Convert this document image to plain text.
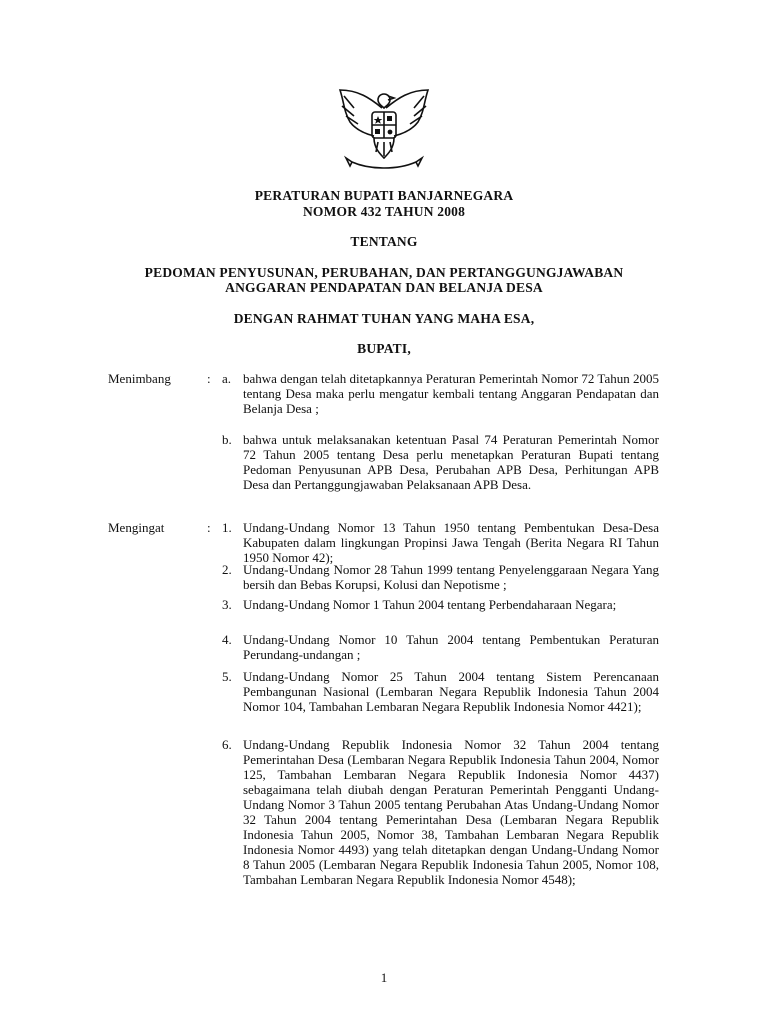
PERATURAN BUPATI BANJARNEGARA
NOMOR 432 TAHUN 2008
TENTANG
PEDOMAN PENYUSUNAN, PERUBAHAN, DAN PERTANGGUNGJAWABAN
ANGGARAN PENDAPATAN DAN BELANJA DESA
DENGAN RAHMAT TUHAN YANG MAHA ESA,
BUPATI,
Menimbang	: a. bahwa dengan telah ditetapkannya Peraturan Pemerintah Nomor 72 Tahun 2005 tentang Desa maka perlu mengatur kembali tentang Anggaran Pendapatan dan Belanja Desa ;
b. bahwa untuk melaksanakan ketentuan Pasal 74 Peraturan Pemerintah Nomor 72 Tahun 2005 tentang Desa perlu menetapkan Peraturan Bupati tentang Pedoman Penyusunan APB Desa, Perubahan APB Desa, Perhitungan APB Desa dan Pertanggungjawaban Pelaksanaan APB Desa.
Mengingat	: 1. Undang-Undang Nomor 13 Tahun 1950 tentang Pembentukan Desa-Desa Kabupaten dalam lingkungan Propinsi Jawa Tengah (Berita Negara RI Tahun 1950 Nomor 42);
2. Undang-Undang Nomor 28 Tahun 1999 tentang Penyelenggaraan Negara Yang bersih dan Bebas Korupsi, Kolusi dan Nepotisme ;
3. Undang-Undang Nomor 1 Tahun 2004 tentang Perbendaharaan Negara;
4. Undang-Undang Nomor 10 Tahun 2004 tentang Pembentukan Peraturan Perundang-undangan ;
5. Undang-Undang Nomor 25 Tahun 2004 tentang Sistem Perencanaan Pembangunan Nasional (Lembaran Negara Republik Indonesia Tahun 2004 Nomor 104, Tambahan Lembaran Negara Republik Indonesia Nomor 4421);
6. Undang-Undang Republik Indonesia Nomor 32 Tahun 2004 tentang Pemerintahan Desa (Lembaran Negara Republik Indonesia Tahun 2004, Nomor 125, Tambahan Lembaran Negara Republik Indonesia Nomor 4437) sebagaimana telah diubah dengan Peraturan Pemerintah Pengganti Undang-Undang Nomor 3 Tahun 2005 tentang Perubahan Atas Undang-Undang Nomor 32 Tahun 2004 tentang Pemerintahan Desa (Lembaran Negara Republik Indonesia Tahun 2005, Nomor 38, Tambahan Lembaran Negara Republik Indonesia Nomor 4493) yang telah ditetapkan dengan Undang-Undang Nomor 8 Tahun 2005 (Lembaran Negara Republik Indonesia Tahun 2005, Nomor 108, Tambahan Lembaran Negara Republik Indonesia Nomor 4548);
1
